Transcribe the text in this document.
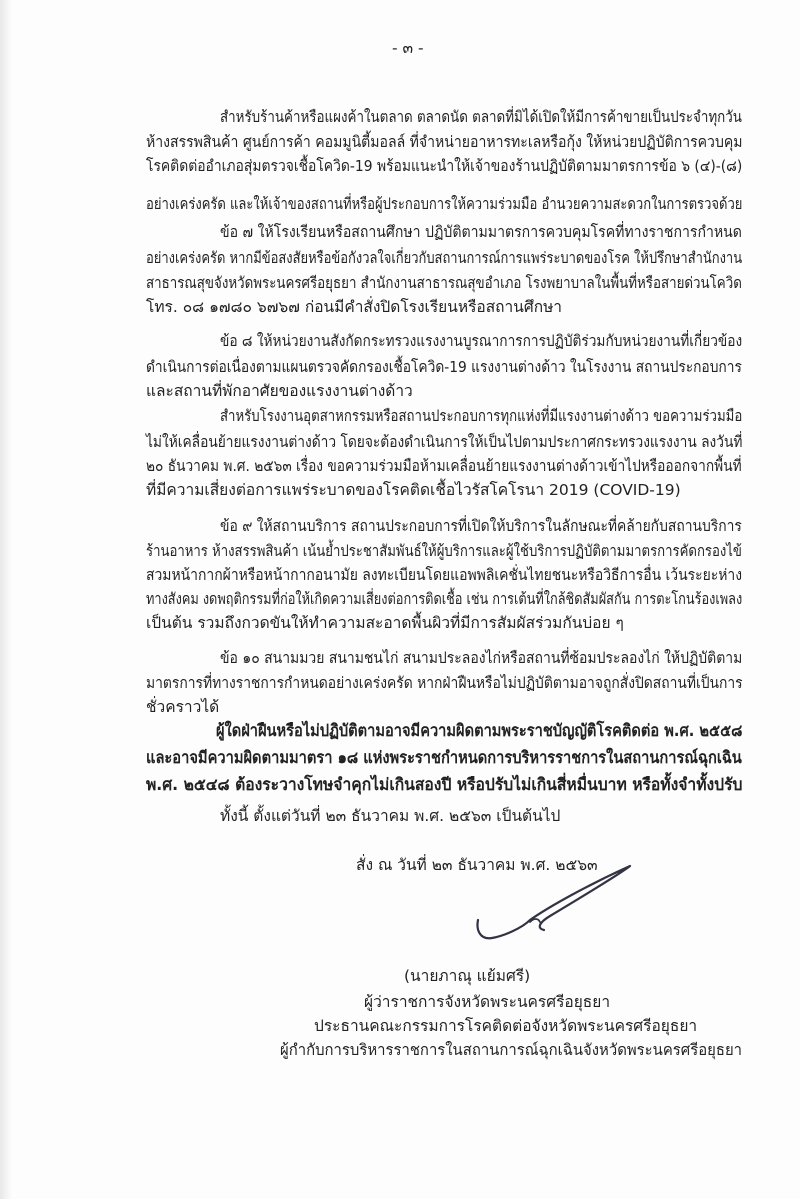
- ๓ -
สำหรับร้านค้าหรือแผงค้าในตลาด ตลาดนัด ตลาดที่มิได้เปิดให้มีการค้าขายเป็นประจำทุกวัน
ห้างสรรพสินค้า ศูนย์การค้า คอมมูนิตี้มอลล์ ที่จำหน่ายอาหารทะเลหรือกุ้ง ให้หน่วยปฏิบัติการควบคุม
โรคติดต่ออำเภอสุ่มตรวจเชื้อโควิด-19 พร้อมแนะนำให้เจ้าของร้านปฏิบัติตามมาตรการข้อ ๖ (๔)-(๘)
อย่างเคร่งครัด และให้เจ้าของสถานที่หรือผู้ประกอบการให้ความร่วมมือ อำนวยความสะดวกในการตรวจด้วย
ข้อ ๗ ให้โรงเรียนหรือสถานศึกษา ปฏิบัติตามมาตรการควบคุมโรคที่ทางราชการกำหนด
อย่างเคร่งครัด หากมีข้อสงสัยหรือข้อกังวลใจเกี่ยวกับสถานการณ์การแพร่ระบาดของโรค ให้ปรึกษาสำนักงาน
สาธารณสุขจังหวัดพระนครศรีอยุธยา สำนักงานสาธารณสุขอำเภอ โรงพยาบาลในพื้นที่หรือสายด่วนโควิด
โทร. ๐๘ ๑๗๘๐ ๖๗๖๗ ก่อนมีคำสั่งปิดโรงเรียนหรือสถานศึกษา
ข้อ ๘ ให้หน่วยงานสังกัดกระทรวงแรงงานบูรณาการการปฏิบัติร่วมกับหน่วยงานที่เกี่ยวข้อง
ดำเนินการต่อเนื่องตามแผนตรวจคัดกรองเชื้อโควิด-19 แรงงานต่างด้าว ในโรงงาน สถานประกอบการ
และสถานที่พักอาศัยของแรงงานต่างด้าว
สำหรับโรงงานอุตสาหกรรมหรือสถานประกอบการทุกแห่งที่มีแรงงานต่างด้าว ขอความร่วมมือ
ไม่ให้เคลื่อนย้ายแรงงานต่างด้าว โดยจะต้องดำเนินการให้เป็นไปตามประกาศกระทรวงแรงงาน ลงวันที่
๒๐ ธันวาคม พ.ศ. ๒๕๖๓ เรื่อง ขอความร่วมมือห้ามเคลื่อนย้ายแรงงานต่างด้าวเข้าไปหรือออกจากพื้นที่
ที่มีความเสี่ยงต่อการแพร่ระบาดของโรคติดเชื้อไวรัสโคโรนา 2019 (COVID-19)
ข้อ ๙ ให้สถานบริการ สถานประกอบการที่เปิดให้บริการในลักษณะที่คล้ายกับสถานบริการ
ร้านอาหาร ห้างสรรพสินค้า เน้นย้ำประชาสัมพันธ์ให้ผู้บริการและผู้ใช้บริการปฏิบัติตามมาตรการคัดกรองไข้
สวมหน้ากากผ้าหรือหน้ากากอนามัย ลงทะเบียนโดยแอพพลิเคชั่นไทยชนะหรือวิธีการอื่น เว้นระยะห่าง
ทางสังคม งดพฤติกรรมที่ก่อให้เกิดความเสี่ยงต่อการติดเชื้อ เช่น การเต้นที่ใกล้ชิดสัมผัสกัน การตะโกนร้องเพลง
เป็นต้น รวมถึงกวดขันให้ทำความสะอาดพื้นผิวที่มีการสัมผัสร่วมกันบ่อย ๆ
ข้อ ๑๐ สนามมวย สนามชนไก่ สนามประลองไก่หรือสถานที่ซ้อมประลองไก่ ให้ปฏิบัติตาม
มาตรการที่ทางราชการกำหนดอย่างเคร่งครัด หากฝ่าฝืนหรือไม่ปฏิบัติตามอาจถูกสั่งปิดสถานที่เป็นการ
ชั่วคราวได้
ผู้ใดฝ่าฝืนหรือไม่ปฏิบัติตามอาจมีความผิดตามพระราชบัญญัติโรคติดต่อ พ.ศ. ๒๕๕๘
และอาจมีความผิดตามมาตรา ๑๘ แห่งพระราชกำหนดการบริหารราชการในสถานการณ์ฉุกเฉิน
พ.ศ. ๒๕๔๘ ต้องระวางโทษจำคุกไม่เกินสองปี หรือปรับไม่เกินสี่หมื่นบาท หรือทั้งจำทั้งปรับ
ทั้งนี้ ตั้งแต่วันที่ ๒๓ ธันวาคม พ.ศ. ๒๕๖๓ เป็นต้นไป
สั่ง ณ วันที่ ๒๓ ธันวาคม พ.ศ. ๒๕๖๓
(นายภาณุ แย้มศรี)
ผู้ว่าราชการจังหวัดพระนครศรีอยุธยา
ประธานคณะกรรมการโรคติดต่อจังหวัดพระนครศรีอยุธยา
ผู้กำกับการบริหารราชการในสถานการณ์ฉุกเฉินจังหวัดพระนครศรีอยุธยา
